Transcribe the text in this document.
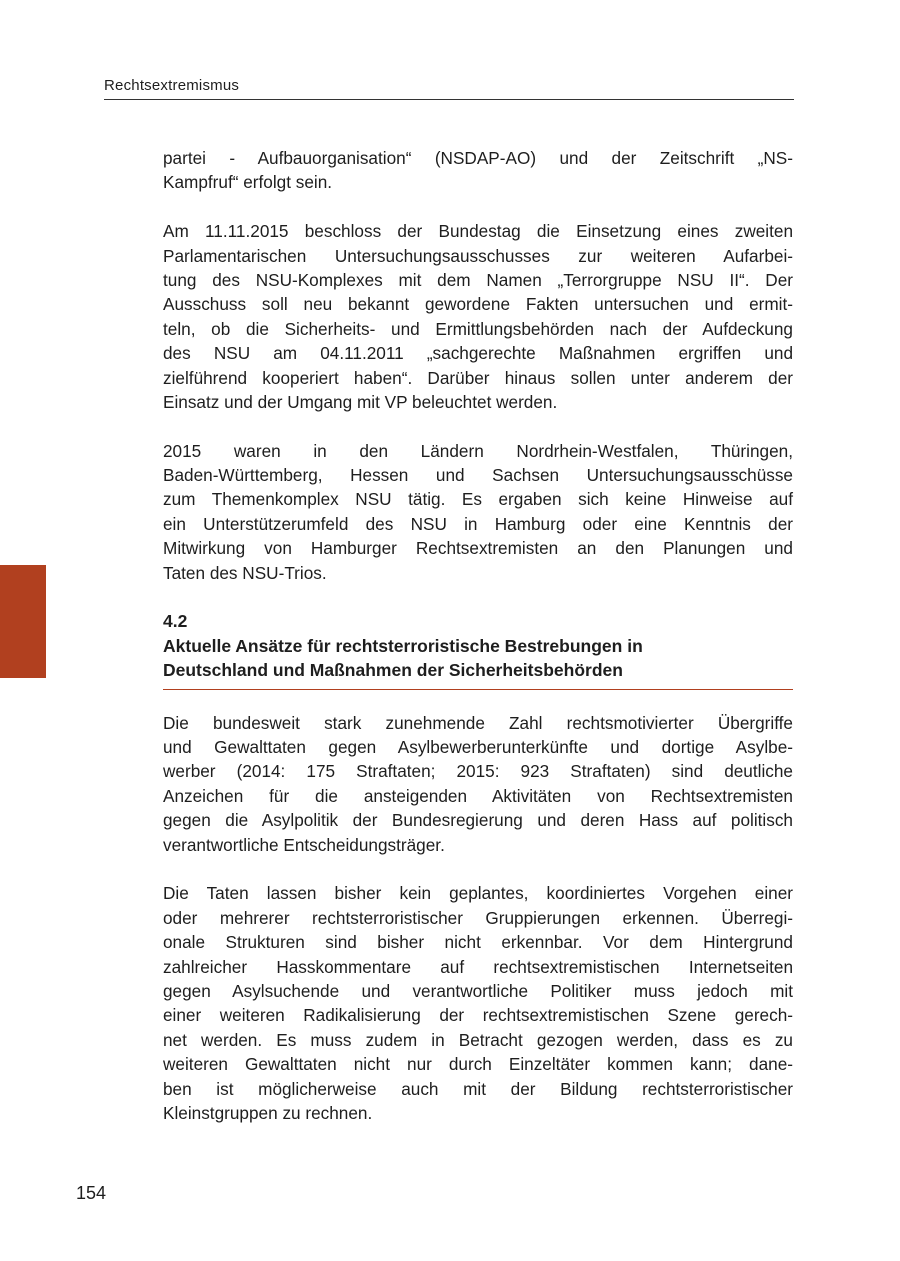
Rechtsextremismus

partei - Aufbauorganisation“ (NSDAP-AO) und der Zeitschrift „NS-
Kampfruf“ erfolgt sein.

Am 11.11.2015 beschloss der Bundestag die Einsetzung eines zweiten
Parlamentarischen Untersuchungsausschusses zur weiteren Aufarbei-
tung des NSU-Komplexes mit dem Namen „Terrorgruppe NSU II“. Der
Ausschuss soll neu bekannt gewordene Fakten untersuchen und ermit-
teln, ob die Sicherheits- und Ermittlungsbehörden nach der Aufdeckung
des NSU am 04.11.2011 „sachgerechte Maßnahmen ergriffen und
zielführend kooperiert haben“. Darüber hinaus sollen unter anderem der
Einsatz und der Umgang mit VP beleuchtet werden.

2015 waren in den Ländern Nordrhein-Westfalen, Thüringen,
Baden-Württemberg, Hessen und Sachsen Untersuchungsausschüsse
zum Themenkomplex NSU tätig. Es ergaben sich keine Hinweise auf
ein Unterstützerumfeld des NSU in Hamburg oder eine Kenntnis der
Mitwirkung von Hamburger Rechtsextremisten an den Planungen und
Taten des NSU-Trios.

4.2
Aktuelle Ansätze für rechtsterroristische Bestrebungen in
Deutschland und Maßnahmen der Sicherheitsbehörden

Die bundesweit stark zunehmende Zahl rechtsmotivierter Übergriffe
und Gewalttaten gegen Asylbewerberunterkünfte und dortige Asylbe-
werber (2014: 175 Straftaten; 2015: 923 Straftaten) sind deutliche
Anzeichen für die ansteigenden Aktivitäten von Rechtsextremisten
gegen die Asylpolitik der Bundesregierung und deren Hass auf politisch
verantwortliche Entscheidungsträger.

Die Taten lassen bisher kein geplantes, koordiniertes Vorgehen einer
oder mehrerer rechtsterroristischer Gruppierungen erkennen. Überregi-
onale Strukturen sind bisher nicht erkennbar. Vor dem Hintergrund
zahlreicher Hasskommentare auf rechtsextremistischen Internetseiten
gegen Asylsuchende und verantwortliche Politiker muss jedoch mit
einer weiteren Radikalisierung der rechtsextremistischen Szene gerech-
net werden. Es muss zudem in Betracht gezogen werden, dass es zu
weiteren Gewalttaten nicht nur durch Einzeltäter kommen kann; dane-
ben ist möglicherweise auch mit der Bildung rechtsterroristischer
Kleinstgruppen zu rechnen.

154
